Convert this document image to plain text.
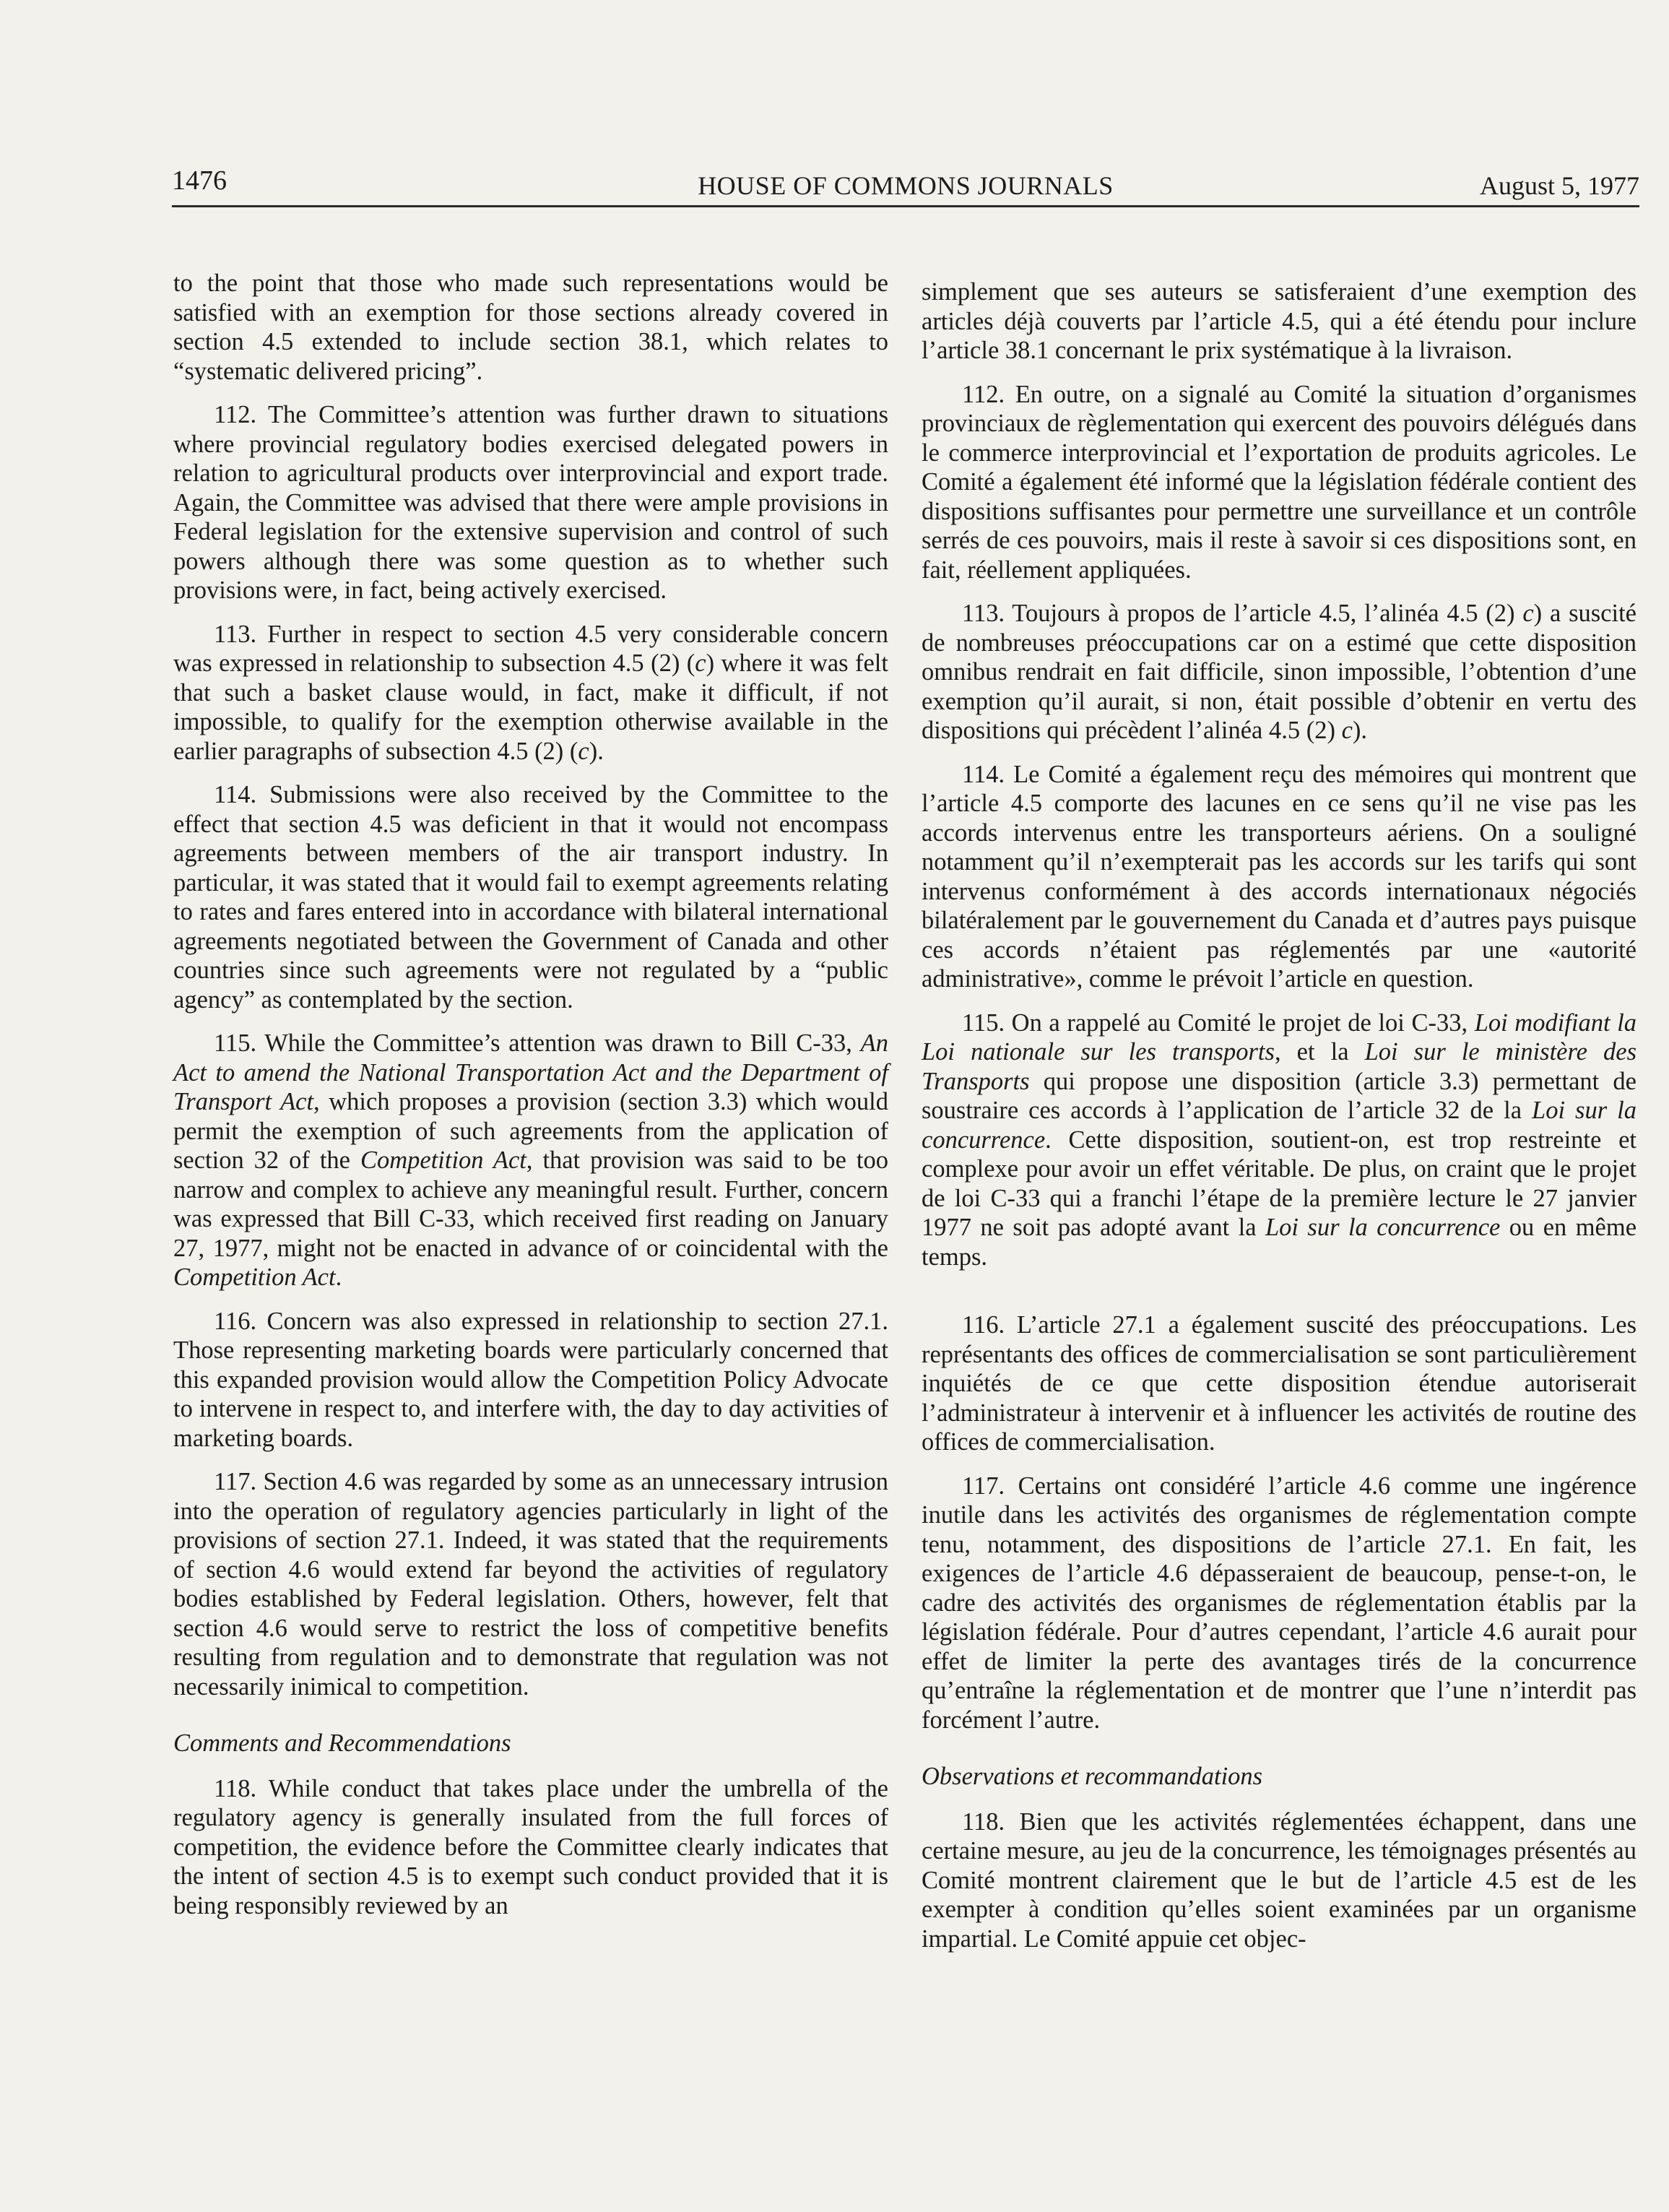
1476	HOUSE OF COMMONS JOURNALS	August 5, 1977

to the point that those who made such representations would be satisfied with an exemption for those sections already covered in section 4.5 extended to include section 38.1, which relates to “systematic delivered pricing”.

112. The Committee’s attention was further drawn to situations where provincial regulatory bodies exercised delegated powers in relation to agricultural products over interprovincial and export trade. Again, the Committee was advised that there were ample provisions in Federal legislation for the extensive supervision and control of such powers although there was some question as to whether such provisions were, in fact, being actively exercised.

113. Further in respect to section 4.5 very considerable concern was expressed in relationship to subsection 4.5 (2) (c) where it was felt that such a basket clause would, in fact, make it difficult, if not impossible, to qualify for the exemption otherwise available in the earlier paragraphs of subsection 4.5 (2) (c).

114. Submissions were also received by the Committee to the effect that section 4.5 was deficient in that it would not encompass agreements between members of the air transport industry. In particular, it was stated that it would fail to exempt agreements relating to rates and fares entered into in accordance with bilateral international agreements negotiated between the Government of Canada and other countries since such agreements were not regulated by a “public agency” as contemplated by the section.

115. While the Committee’s attention was drawn to Bill C-33, An Act to amend the National Transportation Act and the Department of Transport Act, which proposes a provision (section 3.3) which would permit the exemption of such agreements from the application of section 32 of the Competition Act, that provision was said to be too narrow and complex to achieve any meaningful result. Further, concern was expressed that Bill C-33, which received first reading on January 27, 1977, might not be enacted in advance of or coincidental with the Competition Act.

116. Concern was also expressed in relationship to section 27.1. Those representing marketing boards were particularly concerned that this expanded provision would allow the Competition Policy Advocate to intervene in respect to, and interfere with, the day to day activities of marketing boards.

117. Section 4.6 was regarded by some as an unnecessary intrusion into the operation of regulatory agencies particularly in light of the provisions of section 27.1. Indeed, it was stated that the requirements of section 4.6 would extend far beyond the activities of regulatory bodies established by Federal legislation. Others, however, felt that section 4.6 would serve to restrict the loss of competitive benefits resulting from regulation and to demonstrate that regulation was not necessarily inimical to competition.

Comments and Recommendations

118. While conduct that takes place under the umbrella of the regulatory agency is generally insulated from the full forces of competition, the evidence before the Committee clearly indicates that the intent of section 4.5 is to exempt such conduct provided that it is being responsibly reviewed by an

simplement que ses auteurs se satisferaient d’une exemption des articles déjà couverts par l’article 4.5, qui a été étendu pour inclure l’article 38.1 concernant le prix systématique à la livraison.

112. En outre, on a signalé au Comité la situation d’organismes provinciaux de règlementation qui exercent des pouvoirs délégués dans le commerce interprovincial et l’exportation de produits agricoles. Le Comité a également été informé que la législation fédérale contient des dispositions suffisantes pour permettre une surveillance et un contrôle serrés de ces pouvoirs, mais il reste à savoir si ces dispositions sont, en fait, réellement appliquées.

113. Toujours à propos de l’article 4.5, l’alinéa 4.5 (2) c) a suscité de nombreuses préoccupations car on a estimé que cette disposition omnibus rendrait en fait difficile, sinon impossible, l’obtention d’une exemption qu’il aurait, si non, était possible d’obtenir en vertu des dispositions qui précèdent l’alinéa 4.5 (2) c).

114. Le Comité a également reçu des mémoires qui montrent que l’article 4.5 comporte des lacunes en ce sens qu’il ne vise pas les accords intervenus entre les transporteurs aériens. On a souligné notamment qu’il n’exempterait pas les accords sur les tarifs qui sont intervenus conformément à des accords internationaux négociés bilatéralement par le gouvernement du Canada et d’autres pays puisque ces accords n’étaient pas réglementés par une «autorité administrative», comme le prévoit l’article en question.

115. On a rappelé au Comité le projet de loi C-33, Loi modifiant la Loi nationale sur les transports, et la Loi sur le ministère des Transports qui propose une disposition (article 3.3) permettant de soustraire ces accords à l’application de l’article 32 de la Loi sur la concurrence. Cette disposition, soutient-on, est trop restreinte et complexe pour avoir un effet véritable. De plus, on craint que le projet de loi C-33 qui a franchi l’étape de la première lecture le 27 janvier 1977 ne soit pas adopté avant la Loi sur la concurrence ou en même temps.

116. L’article 27.1 a également suscité des préoccupations. Les représentants des offices de commercialisation se sont particulièrement inquiétés de ce que cette disposition étendue autoriserait l’administrateur à intervenir et à influencer les activités de routine des offices de commercialisation.

117. Certains ont considéré l’article 4.6 comme une ingérence inutile dans les activités des organismes de réglementation compte tenu, notamment, des dispositions de l’article 27.1. En fait, les exigences de l’article 4.6 dépasseraient de beaucoup, pense-t-on, le cadre des activités des organismes de réglementation établis par la législation fédérale. Pour d’autres cependant, l’article 4.6 aurait pour effet de limiter la perte des avantages tirés de la concurrence qu’entraîne la réglementation et de montrer que l’une n’interdit pas forcément l’autre.

Observations et recommandations

118. Bien que les activités réglementées échappent, dans une certaine mesure, au jeu de la concurrence, les témoignages présentés au Comité montrent clairement que le but de l’article 4.5 est de les exempter à condition qu’elles soient examinées par un organisme impartial. Le Comité appuie cet objec-
